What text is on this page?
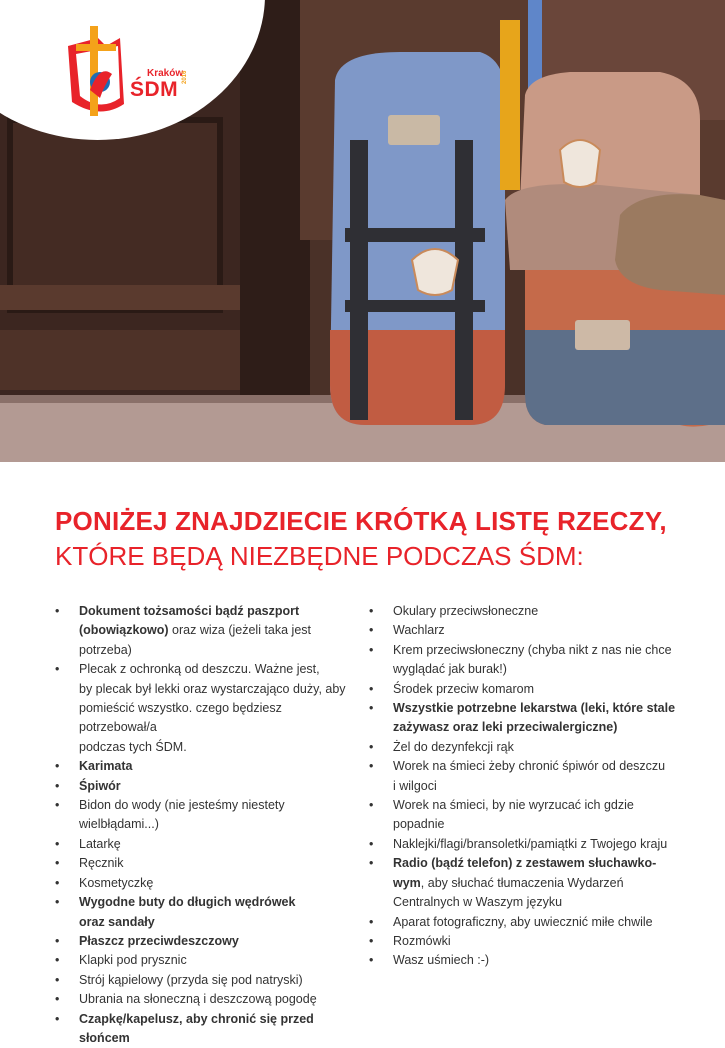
Kraków
ŚDM
2016
PONIŻEJ ZNAJDZIECIE KRÓTKĄ LISTĘ RZECZY,
KTÓRE BĘDĄ NIEZBĘDNE PODCZAS ŚDM:
•	Dokument tożsamości bądź paszport
(obowiązkowo) oraz wiza (jeżeli taka jest potrzeba)
•	Plecak z ochronką od deszczu. Ważne jest,
by plecak był lekki oraz wystarczająco duży, aby
pomieścić wszystko. czego będziesz potrzebował/a
podczas tych ŚDM.
•	Karimata
•	Śpiwór
•	Bidon do wody (nie jesteśmy niestety wielbłądami...)
•	Latarkę
•	Ręcznik
•	Kosmetyczkę
•	Wygodne buty do długich wędrówek
oraz sandały
•	Płaszcz przeciwdeszczowy
•	Klapki pod prysznic
•	Strój kąpielowy (przyda się pod natryski)
•	Ubrania na słoneczną i deszczową pogodę
•	Czapkę/kapelusz, aby chronić się przed słońcem
•	Okulary przeciwsłoneczne
•	Wachlarz
•	Krem przeciwsłoneczny (chyba nikt z nas nie chce
wyglądać jak burak!)
•	Środek przeciw komarom
•	Wszystkie potrzebne lekarstwa (leki, które stale
zażywasz oraz leki przeciwalergiczne)
•	Żel do dezynfekcji rąk
•	Worek na śmieci żeby chronić śpiwór od deszczu
i wilgoci
•	Worek na śmieci, by nie wyrzucać ich gdzie
popadnie
•	Naklejki/flagi/bransoletki/pamiątki z Twojego kraju
•	Radio (bądź telefon) z zestawem słuchawko-
wym, aby słuchać tłumaczenia Wydarzeń
Centralnych w Waszym języku
•	Aparat fotograficzny, aby uwiecznić miłe chwile
•	Rozmówki
•	Wasz uśmiech :-)
